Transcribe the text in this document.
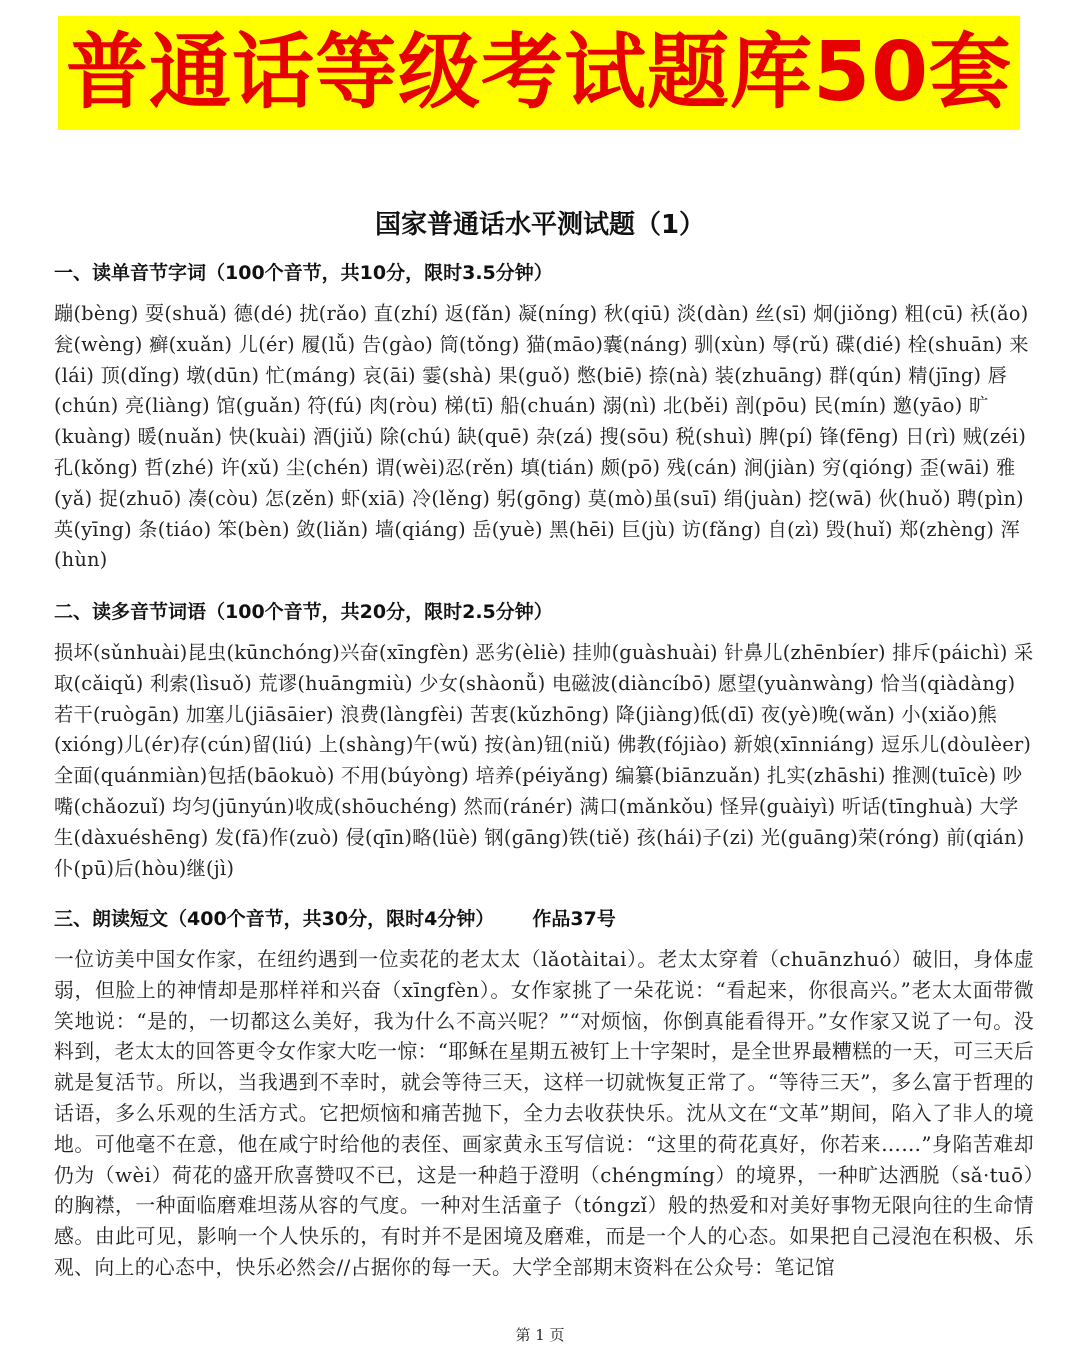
普通话等级考试题库50套
国家普通话水平测试题（1）
一、读单音节字词（100个音节，共10分，限时3.5分钟）
蹦(bèng) 耍(shuǎ) 德(dé) 扰(rǎo) 直(zhí) 返(fǎn) 凝(níng) 秋(qiū) 淡(dàn) 丝(sī) 炯(jiǒng) 粗(cū) 袄(ǎo) 瓮(wèng) 癣(xuǎn) 儿(ér) 履(lǚ) 告(gào) 筒(tǒng) 猫(māo)囊(náng) 驯(xùn) 辱(rǔ) 碟(dié) 栓(shuān) 来(lái) 顶(dǐng) 墩(dūn) 忙(máng) 哀(āi) 霎(shà) 果(guǒ) 憋(biē) 捺(nà) 装(zhuāng) 群(qún) 精(jīng) 唇(chún) 亮(liàng) 馆(guǎn) 符(fú) 肉(ròu) 梯(tī) 船(chuán) 溺(nì) 北(běi) 剖(pōu) 民(mín) 邀(yāo) 旷(kuàng) 暖(nuǎn) 快(kuài) 酒(jiǔ) 除(chú) 缺(quē) 杂(zá) 搜(sōu) 税(shuì) 脾(pí) 锋(fēng) 日(rì) 贼(zéi) 孔(kǒng) 哲(zhé) 许(xǔ) 尘(chén) 谓(wèi)忍(rěn) 填(tián) 颇(pō) 残(cán) 涧(jiàn) 穷(qióng) 歪(wāi) 雅(yǎ) 捉(zhuō) 凑(còu) 怎(zěn) 虾(xiā) 冷(lěng) 躬(gōng) 莫(mò)虽(suī) 绢(juàn) 挖(wā) 伙(huǒ) 聘(pìn) 英(yīng) 条(tiáo) 笨(bèn) 敛(liǎn) 墙(qiáng) 岳(yuè) 黑(hēi) 巨(jù) 访(fǎng) 自(zì) 毁(huǐ) 郑(zhèng) 浑(hùn)
二、读多音节词语（100个音节，共20分，限时2.5分钟）
损坏(sǔnhuài)昆虫(kūnchóng)兴奋(xīngfèn) 恶劣(èliè) 挂帅(guàshuài) 针鼻儿(zhēnbíer) 排斥(páichì) 采取(cǎiqǔ) 利索(lìsuǒ) 荒谬(huāngmiù) 少女(shàonǚ) 电磁波(diàncíbō) 愿望(yuànwàng) 恰当(qiàdàng) 若干(ruògān) 加塞儿(jiāsāier) 浪费(làngfèi) 苦衷(kǔzhōng) 降(jiàng)低(dī) 夜(yè)晚(wǎn) 小(xiǎo)熊(xióng)儿(ér)存(cún)留(liú) 上(shàng)午(wǔ) 按(àn)钮(niǔ) 佛教(fójiào) 新娘(xīnniáng) 逗乐儿(dòulèer) 全面(quánmiàn)包括(bāokuò) 不用(búyòng) 培养(péiyǎng) 编纂(biānzuǎn) 扎实(zhāshi) 推测(tuīcè) 吵嘴(chǎozuǐ) 均匀(jūnyún)收成(shōuchéng) 然而(ránér) 满口(mǎnkǒu) 怪异(guàiyì) 听话(tīnghuà) 大学生(dàxuéshēng) 发(fā)作(zuò) 侵(qīn)略(lüè) 钢(gāng)铁(tiě) 孩(hái)子(zi) 光(guāng)荣(róng) 前(qián)仆(pū)后(hòu)继(jì)
三、朗读短文（400个音节，共30分，限时4分钟） 作品37号
一位访美中国女作家，在纽约遇到一位卖花的老太太（lǎotàitai）。老太太穿着（chuānzhuó）破旧，身体虚弱，但脸上的神情却是那样祥和兴奋（xīngfèn）。女作家挑了一朵花说：“看起来，你很高兴。”老太太面带微笑地说：“是的，一切都这么美好，我为什么不高兴呢？”“对烦恼，你倒真能看得开。”女作家又说了一句。没料到，老太太的回答更令女作家大吃一惊：“耶稣在星期五被钉上十字架时，是全世界最糟糕的一天，可三天后就是复活节。所以，当我遇到不幸时，就会等待三天，这样一切就恢复正常了。“等待三天”，多么富于哲理的话语，多么乐观的生活方式。它把烦恼和痛苦抛下，全力去收获快乐。沈从文在“文革”期间，陷入了非人的境地。可他毫不在意，他在咸宁时给他的表侄、画家黄永玉写信说：“这里的荷花真好，你若来……”身陷苦难却仍为（wèi）荷花的盛开欣喜赞叹不已，这是一种趋于澄明（chéngmíng）的境界，一种旷达洒脱（sǎ·tuō）的胸襟，一种面临磨难坦荡从容的气度。一种对生活童子（tóngzǐ）般的热爱和对美好事物无限向往的生命情感。由此可见，影响一个人快乐的，有时并不是困境及磨难，而是一个人的心态。如果把自己浸泡在积极、乐观、向上的心态中，快乐必然会//占据你的每一天。大学全部期末资料在公众号：笔记馆
第 1 页
